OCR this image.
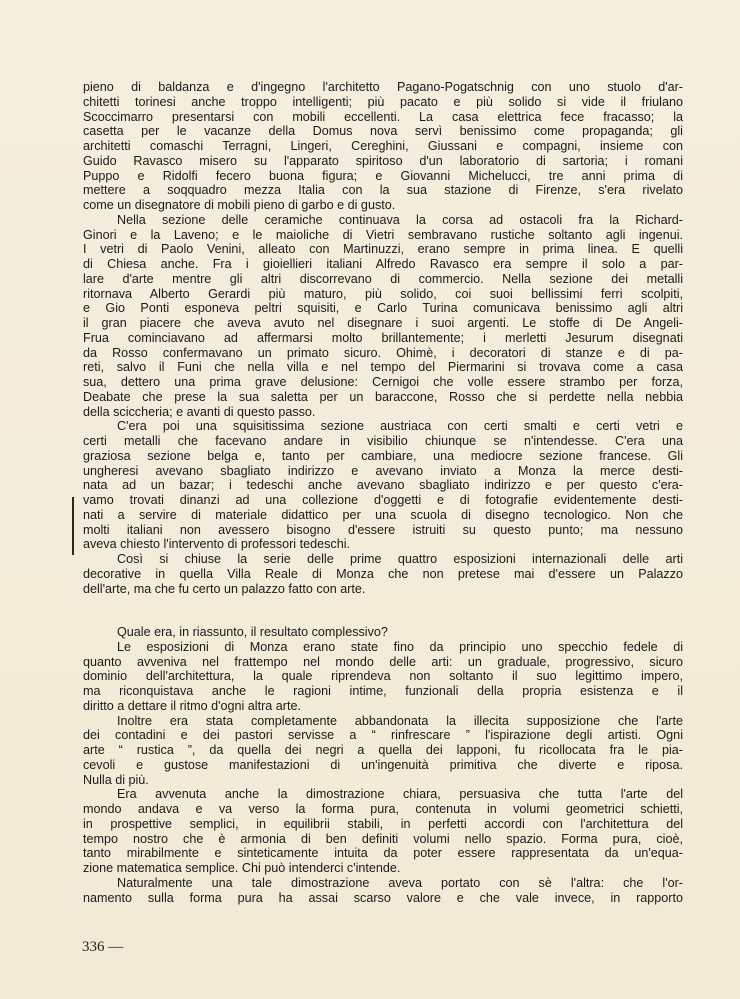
pieno di baldanza e d'ingegno l'architetto Pagano-Pogatschnig con uno stuolo d'ar-
chitetti torinesi anche troppo intelligenti; più pacato e più solido si vide il friulano
Scoccimarro presentarsi con mobili eccellenti. La casa elettrica fece fracasso; la
casetta per le vacanze della Domus nova servì benissimo come propaganda; gli
architetti comaschi Terragni, Lingeri, Cereghini, Giussani e compagni, insieme con
Guido Ravasco misero su l'apparato spiritoso d'un laboratorio di sartoria; i romani
Puppo e Ridolfi fecero buona figura; e Giovanni Michelucci, tre anni prima di
mettere a soqquadro mezza Italia con la sua stazione di Firenze, s'era rivelato
come un disegnatore di mobili pieno di garbo e di gusto.
Nella sezione delle ceramiche continuava la corsa ad ostacoli fra la Richard-
Ginori e la Laveno; e le maioliche di Vietri sembravano rustiche soltanto agli ingenui.
I vetri di Paolo Venini, alleato con Martinuzzi, erano sempre in prima linea. E quelli
di Chiesa anche. Fra i gioiellieri italiani Alfredo Ravasco era sempre il solo a par-
lare d'arte mentre gli altri discorrevano di commercio. Nella sezione dei metalli
ritornava Alberto Gerardi più maturo, più solido, coi suoi bellissimi ferri scolpiti,
e Gio Ponti esponeva peltri squisiti, e Carlo Turina comunicava benissimo agli altri
il gran piacere che aveva avuto nel disegnare i suoi argenti. Le stoffe di De Angeli-
Frua cominciavano ad affermarsi molto brillantemente; i merletti Jesurum disegnati
da Rosso confermavano un primato sicuro. Ohimè, i decoratori di stanze e di pa-
reti, salvo il Funi che nella villa e nel tempo del Piermarini si trovava come a casa
sua, dettero una prima grave delusione: Cernigoi che volle essere strambo per forza,
Deabate che prese la sua saletta per un baraccone, Rosso che si perdette nella nebbia
della sciccheria; e avanti di questo passo.
C'era poi una squisitissima sezione austriaca con certi smalti e certi vetri e
certi metalli che facevano andare in visibilio chiunque se n'intendesse. C'era una
graziosa sezione belga e, tanto per cambiare, una mediocre sezione francese. Gli
ungheresi avevano sbagliato indirizzo e avevano inviato a Monza la merce desti-
nata ad un bazar; i tedeschi anche avevano sbagliato indirizzo e per questo c'era-
vamo trovati dinanzi ad una collezione d'oggetti e di fotografie evidentemente desti-
nati a servire di materiale didattico per una scuola di disegno tecnologico. Non che
molti italiani non avessero bisogno d'essere istruiti su questo punto; ma nessuno
aveva chiesto l'intervento di professori tedeschi.
Così si chiuse la serie delle prime quattro esposizioni internazionali delle arti
decorative in quella Villa Reale di Monza che non pretese mai d'essere un Palazzo
dell'arte, ma che fu certo un palazzo fatto con arte.
Quale era, in riassunto, il resultato complessivo?
Le esposizioni di Monza erano state fino da principio uno specchio fedele di
quanto avveniva nel frattempo nel mondo delle arti: un graduale, progressivo, sicuro
dominio dell'architettura, la quale riprendeva non soltanto il suo legittimo impero,
ma riconquistava anche le ragioni intime, funzionali della propria esistenza e il
diritto a dettare il ritmo d'ogni altra arte.
Inoltre era stata completamente abbandonata la illecita supposizione che l'arte
dei contadini e dei pastori servisse a “ rinfrescare ” l'ispirazione degli artisti. Ogni
arte “ rustica ”, da quella dei negri a quella dei lapponi, fu ricollocata fra le pia-
cevoli e gustose manifestazioni di un'ingenuità primitiva che diverte e riposa.
Nulla di più.
Era avvenuta anche la dimostrazione chiara, persuasiva che tutta l'arte del
mondo andava e va verso la forma pura, contenuta in volumi geometrici schietti,
in prospettive semplici, in equilibrii stabili, in perfetti accordi con l'architettura del
tempo nostro che è armonia di ben definiti volumi nello spazio. Forma pura, cioè,
tanto mirabilmente e sinteticamente intuita da poter essere rappresentata da un'equa-
zione matematica semplice. Chi può intenderci c'intende.
Naturalmente una tale dimostrazione aveva portato con sè l'altra: che l'or-
namento sulla forma pura ha assai scarso valore e che vale invece, in rapporto
336 —
